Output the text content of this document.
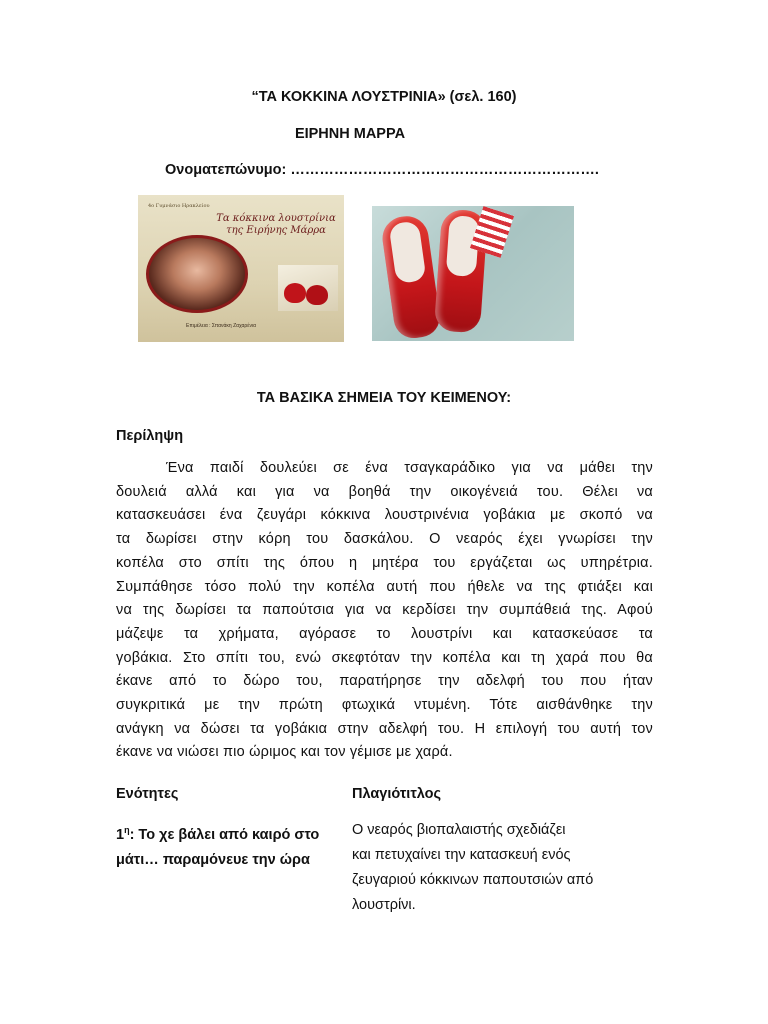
“ΤΑ ΚΟΚΚΙΝΑ ΛΟΥΣΤΡΙΝΙΑ» (σελ. 160)
ΕΙΡΗΝΗ ΜΑΡΡΑ
Ονοματεπώνυμο: ……………………………………………………….
4ο Γυμνάσιο Ηρακλείου
Τα κόκκινα λουστρίνια
της Ειρήνης Μάρρα
Επιμέλεια : Σπανάκη Ζαχαρένια
ΤΑ ΒΑΣΙΚΑ ΣΗΜΕΙΑ ΤΟΥ ΚΕΙΜΕΝΟΥ:
Περίληψη
Ένα παιδί δουλεύει σε ένα τσαγκαράδικο για να μάθει την
δουλειά αλλά και για να βοηθά την οικογένειά του. Θέλει να
κατασκευάσει ένα ζευγάρι κόκκινα λουστρινένια γοβάκια με σκοπό να
τα δωρίσει στην κόρη του δασκάλου. Ο νεαρός έχει γνωρίσει την
κοπέλα στο σπίτι της όπου η μητέρα του εργάζεται ως υπηρέτρια.
Συμπάθησε τόσο πολύ την κοπέλα αυτή που ήθελε να της φτιάξει και
να της δωρίσει τα παπούτσια για να κερδίσει την συμπάθειά της. Αφού
μάζεψε τα χρήματα, αγόρασε το λουστρίνι και κατασκεύασε τα
γοβάκια. Στο σπίτι του, ενώ σκεφτόταν την κοπέλα και τη χαρά που θα
έκανε από το δώρο του, παρατήρησε την αδελφή του που ήταν
συγκριτικά με την πρώτη φτωχικά ντυμένη. Τότε αισθάνθηκε την
ανάγκη να δώσει τα γοβάκια στην αδελφή του. Η επιλογή του αυτή τον
έκανε να νιώσει πιο ώριμος και τον γέμισε με χαρά.
Ενότητες	Πλαγιότιτλος
$1^\eta$: Το χε βάλει από καιρό στο μάτι… παραμόνευε την ώρα
Ο νεαρός βιοπαλαιστής σχεδιάζει
και πετυχαίνει την κατασκευή ενός
ζευγαριού κόκκινων παπουτσιών από
λουστρίνι.
